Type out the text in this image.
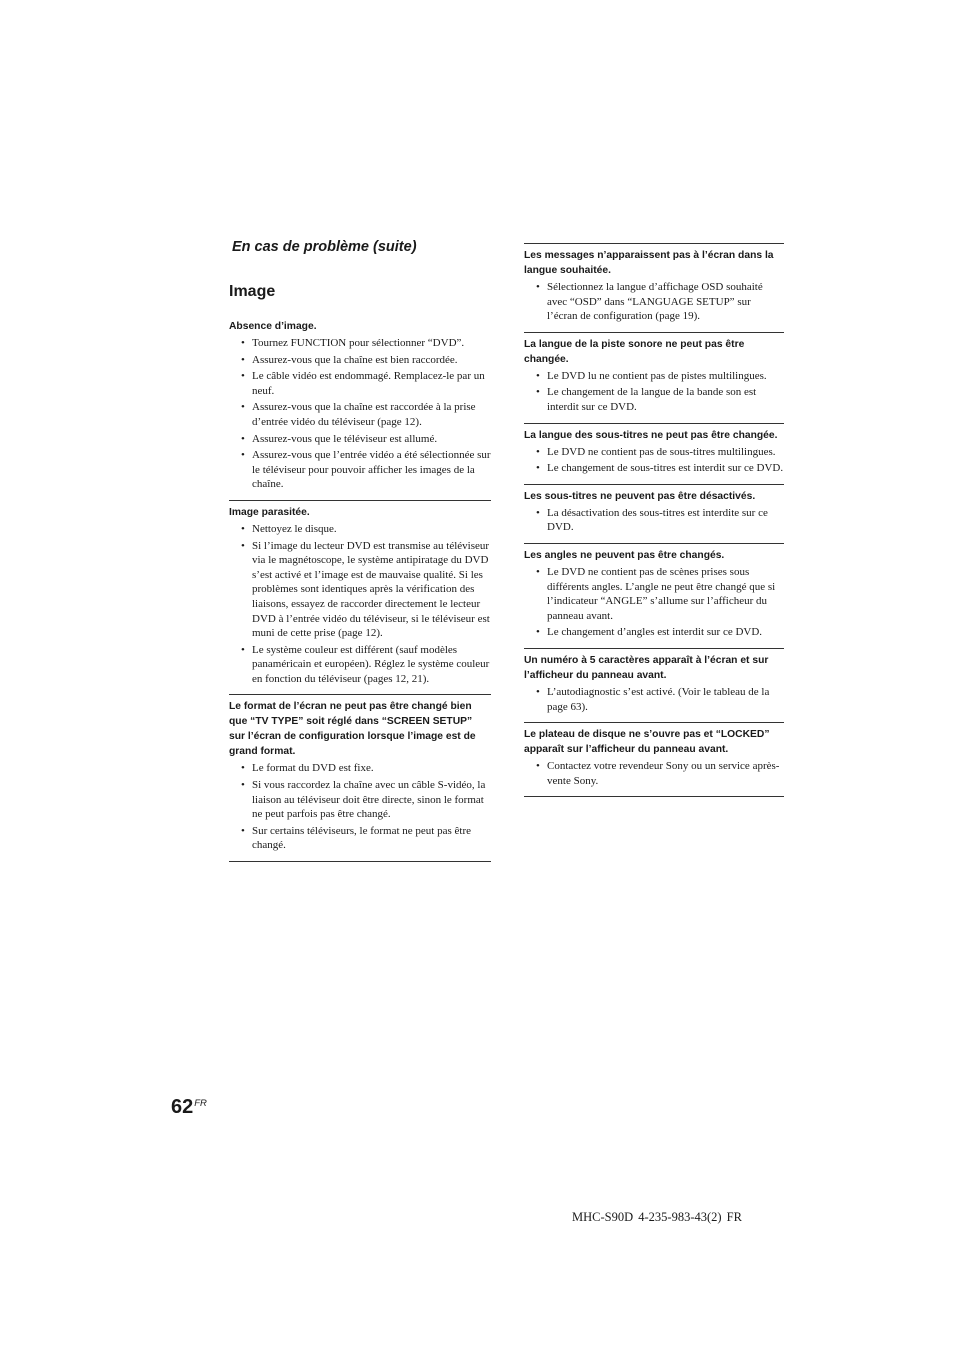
En cas de problème (suite)
Image
Absence d’image.
• Tournez FUNCTION pour sélectionner “DVD”.
• Assurez-vous que la chaîne est bien raccordée.
• Le câble vidéo est endommagé. Remplacez-le par un neuf.
• Assurez-vous que la chaîne est raccordée à la prise d’entrée vidéo du téléviseur (page 12).
• Assurez-vous que le téléviseur est allumé.
• Assurez-vous que l’entrée vidéo a été sélectionnée sur le téléviseur pour pouvoir afficher les images de la chaîne.
Image parasitée.
• Nettoyez le disque.
• Si l’image du lecteur DVD est transmise au téléviseur via le magnétoscope, le système antipiratage du DVD s’est activé et l’image est de mauvaise qualité. Si les problèmes sont identiques après la vérification des liaisons, essayez de raccorder directement le lecteur DVD à l’entrée vidéo du téléviseur, si le téléviseur est muni de cette prise (page 12).
• Le système couleur est différent (sauf modèles panaméricain et européen). Réglez le système couleur en fonction du téléviseur (pages 12, 21).
Le format de l’écran ne peut pas être changé bien que “TV TYPE” soit réglé dans “SCREEN SETUP” sur l’écran de configuration lorsque l’image est de grand format.
• Le format du DVD est fixe.
• Si vous raccordez la chaîne avec un câble S-vidéo, la liaison au téléviseur doit être directe, sinon le format ne peut parfois pas être changé.
• Sur certains téléviseurs, le format ne peut pas être changé.
Les messages n’apparaissent pas à l’écran dans la langue souhaitée.
• Sélectionnez la langue d’affichage OSD souhaité avec “OSD” dans “LANGUAGE SETUP” sur l’écran de configuration (page 19).
La langue de la piste sonore ne peut pas être changée.
• Le DVD lu ne contient pas de pistes multilingues.
• Le changement de la langue de la bande son est interdit sur ce DVD.
La langue des sous-titres ne peut pas être changée.
• Le DVD ne contient pas de sous-titres multilingues.
• Le changement de sous-titres est interdit sur ce DVD.
Les sous-titres ne peuvent pas être désactivés.
• La désactivation des sous-titres est interdite sur ce DVD.
Les angles ne peuvent pas être changés.
• Le DVD ne contient pas de scènes prises sous différents angles. L’angle ne peut être changé que si l’indicateur “ANGLE” s’allume sur l’afficheur du panneau avant.
• Le changement d’angles est interdit sur ce DVD.
Un numéro à 5 caractères apparaît à l’écran et sur l’afficheur du panneau avant.
• L’autodiagnostic s’est activé. (Voir le tableau de la page 63).
Le plateau de disque ne s’ouvre pas et “LOCKED” apparaît sur l’afficheur du panneau avant.
• Contactez votre revendeur Sony ou un service après-vente Sony.
$62^{FR}$
MHC-S90D 4-235-983-43(2) FR
